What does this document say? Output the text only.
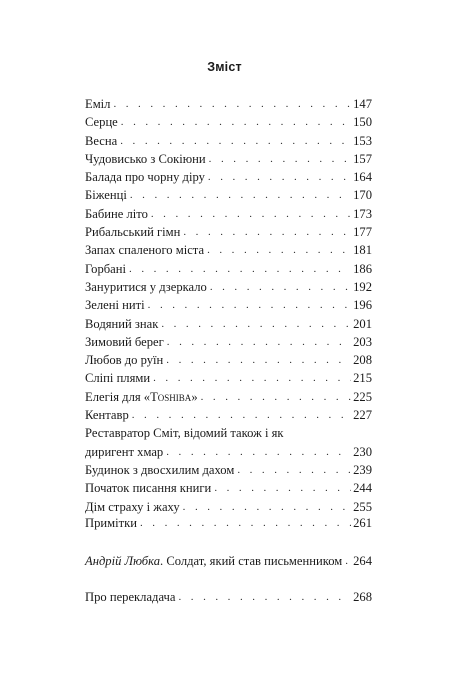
Зміст
Еміл . . .	147
Серце . . .	150
Весна . . .	153
Чудовисько з Сокіюни . . .	157
Балада про чорну діру . . .	164
Біженці . . .	170
Бабине літо . . .	173
Рибальський гімн . . .	177
Запах спаленого міста . . .	181
Горбані . . .	186
Зануритися у дзеркало . . .	192
Зелені ниті . . .	196
Водяний знак . . .	201
Зимовий берег . . .	203
Любов до руїн . . .	208
Сліпі плями . . .	215
Елегія для «Toshiba» . . .	225
Кентавр . . .	227
Реставратор Сміт, відомий також і як
диригент хмар . . .	230
Будинок з двосхилим дахом . . .	239
Початок писання книги . . .	244
Дім страху і жаху . . .	255
Примітки . . .	261
Андрій Любка. Солдат, який став письменником . . . 264
Про перекладача . . .	268
